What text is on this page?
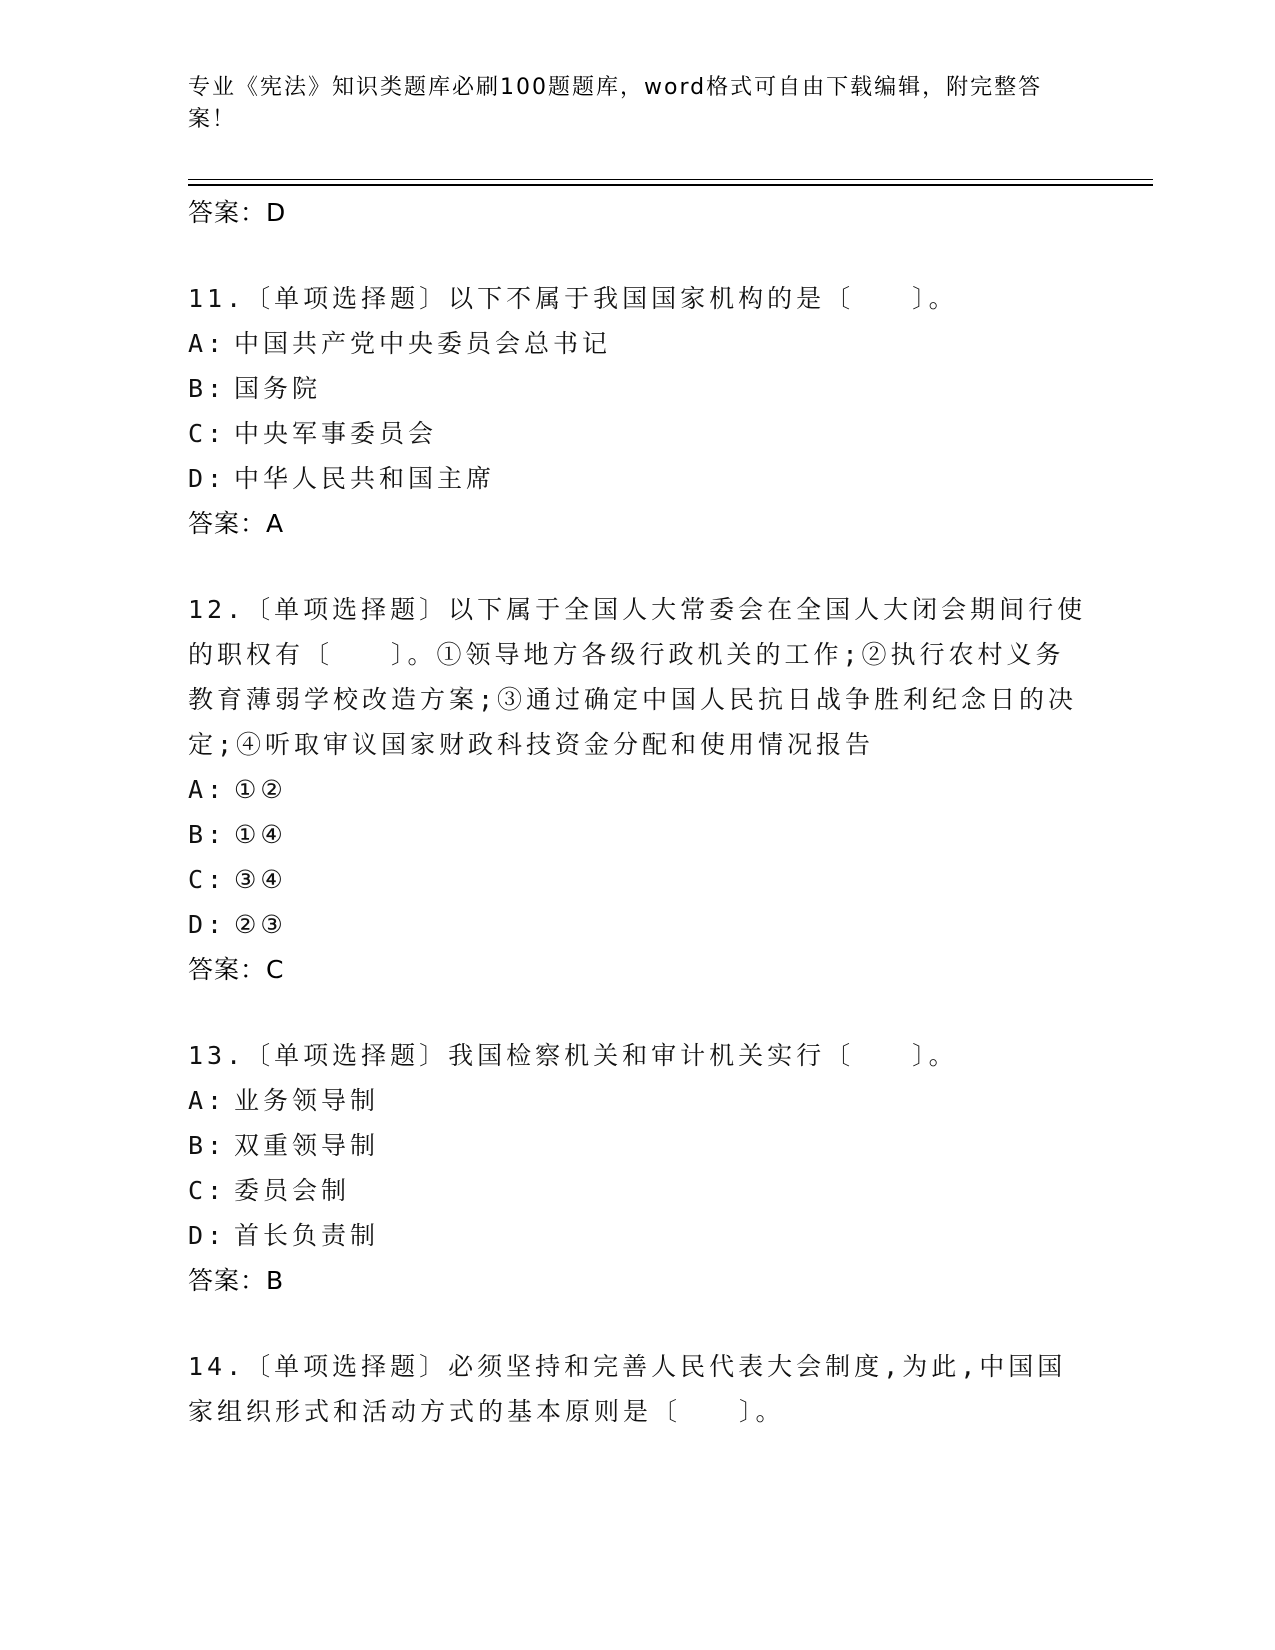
专业《宪法》知识类题库必刷100题题库，word格式可自由下载编辑，附完整答案！
答案：D
11.〔单项选择题〕以下不属于我国国家机构的是〔　　〕。
A: 中国共产党中央委员会总书记
B: 国务院
C: 中央军事委员会
D: 中华人民共和国主席
答案：A
12.〔单项选择题〕以下属于全国人大常委会在全国人大闭会期间行使的职权有〔　　〕。①领导地方各级行政机关的工作;②执行农村义务教育薄弱学校改造方案;③通过确定中国人民抗日战争胜利纪念日的决定;④听取审议国家财政科技资金分配和使用情况报告
A: ①②
B: ①④
C: ③④
D: ②③
答案：C
13.〔单项选择题〕我国检察机关和审计机关实行〔　　〕。
A: 业务领导制
B: 双重领导制
C: 委员会制
D: 首长负责制
答案：B
14.〔单项选择题〕必须坚持和完善人民代表大会制度,为此,中国国家组织形式和活动方式的基本原则是〔　　〕。
